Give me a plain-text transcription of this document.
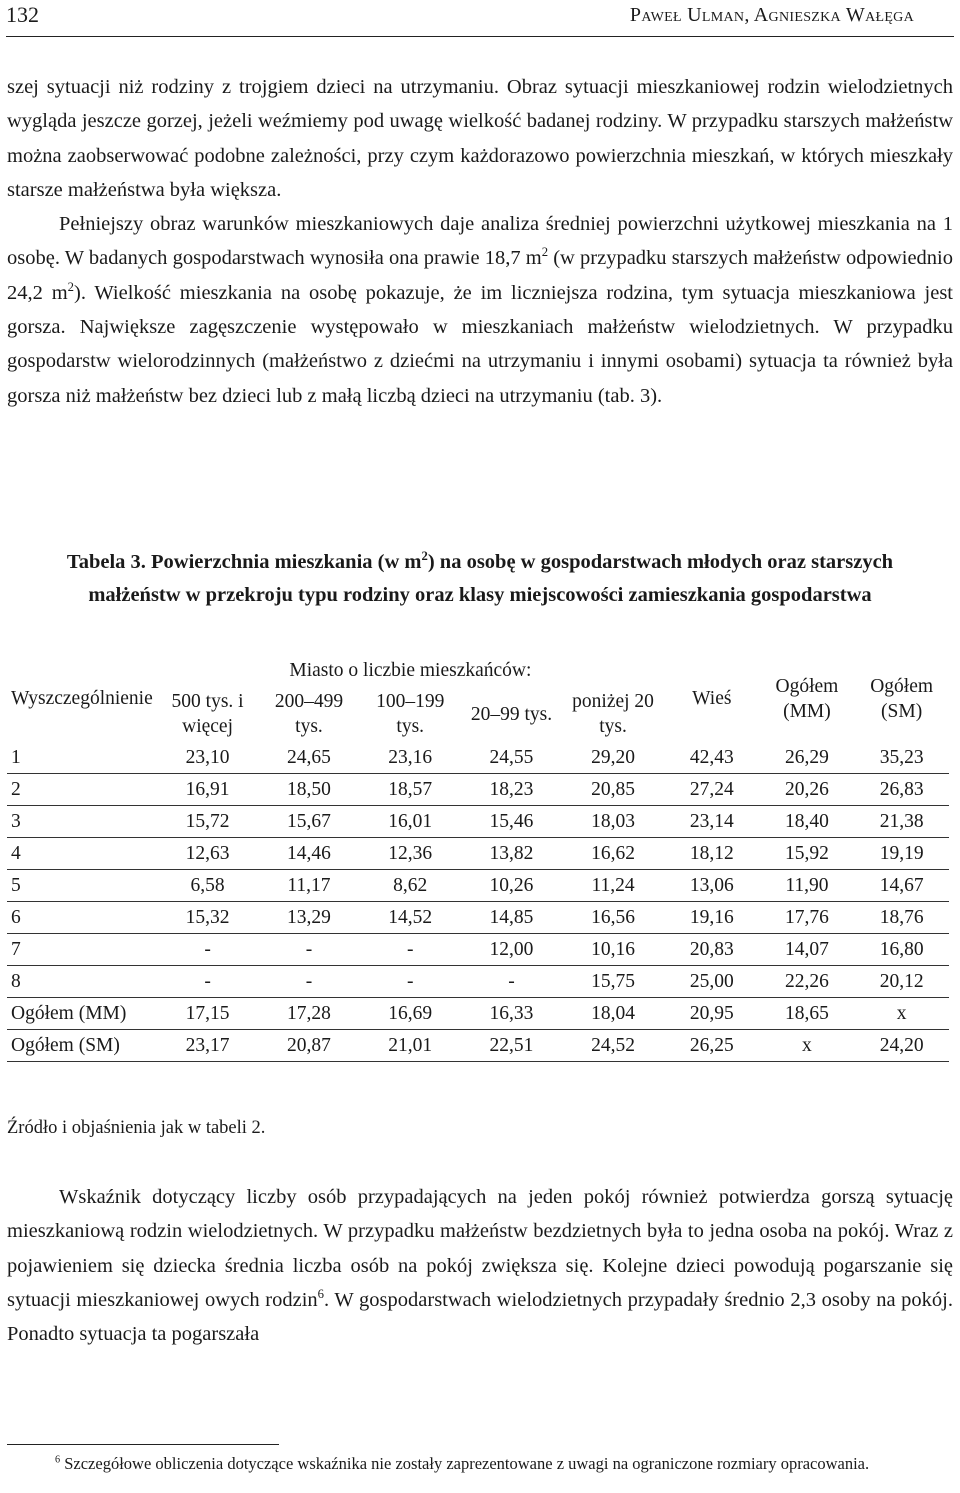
132	Paweł Ulman, Agnieszka Wałęga

szej sytuacji niż rodziny z trojgiem dzieci na utrzymaniu. Obraz sytuacji mieszkaniowej rodzin wielodzietnych wygląda jeszcze gorzej, jeżeli weźmiemy pod uwagę wielkość badanej rodziny. W przypadku starszych małżeństw można zaobserwować podobne zależności, przy czym każdorazowo powierzchnia mieszkań, w których mieszkały starsze małżeństwa była większa.

Pełniejszy obraz warunków mieszkaniowych daje analiza średniej powierzchni użytkowej mieszkania na 1 osobę. W badanych gospodarstwach wynosiła ona prawie 18,7 $m^2$ (w przypadku starszych małżeństw odpowiednio 24,2 $m^2$). Wielkość mieszkania na osobę pokazuje, że im liczniejsza rodzina, tym sytuacja mieszkaniowa jest gorsza. Największe zagęszczenie występowało w mieszkaniach małżeństw wielodzietnych. W przypadku gospodarstw wielorodzinnych (małżeństwo z dziećmi na utrzymaniu i innymi osobami) sytuacja ta również była gorsza niż małżeństw bez dzieci lub z małą liczbą dzieci na utrzymaniu (tab. 3).

Tabela 3. Powierzchnia mieszkania (w $m^2$) na osobę w gospodarstwach młodych oraz starszych małżeństw w przekroju typu rodziny oraz klasy miejscowości zamieszkania gospodarstwa
Wyszczególnienie	Miasto o liczbie mieszkańców:					Wieś	Ogółem (MM)	Ogółem (SM)
	500 tys. i więcej	200–499 tys.	100–199 tys.	20–99 tys.	poniżej 20 tys.			
1	23,10	24,65	23,16	24,55	29,20	42,43	26,29	35,23
2	16,91	18,50	18,57	18,23	20,85	27,24	20,26	26,83
3	15,72	15,67	16,01	15,46	18,03	23,14	18,40	21,38
4	12,63	14,46	12,36	13,82	16,62	18,12	15,92	19,19
5	6,58	11,17	8,62	10,26	11,24	13,06	11,90	14,67
6	15,32	13,29	14,52	14,85	16,56	19,16	17,76	18,76
7	-	-	-	12,00	10,16	20,83	14,07	16,80
8	-	-	-	-	15,75	25,00	22,26	20,12
Ogółem (MM)	17,15	17,28	16,69	16,33	18,04	20,95	18,65	x
Ogółem (SM)	23,17	20,87	21,01	22,51	24,52	26,25	x	24,20
Źródło i objaśnienia jak w tabeli 2.
Wskaźnik dotyczący liczby osób przypadających na jeden pokój również potwierdza gorszą sytuację mieszkaniową rodzin wielodzietnych. W przypadku małżeństw bezdzietnych była to jedna osoba na pokój. Wraz z pojawieniem się dziecka średnia liczba osób na pokój zwiększa się. Kolejne dzieci powodują pogarszanie się sytuacji mieszkaniowej owych rodzin$^6$. W gospodarstwach wielodzietnych przypadały średnio 2,3 osoby na pokój. Ponadto sytuacja ta pogarszała
$^6$ Szczegółowe obliczenia dotyczące wskaźnika nie zostały zaprezentowane z uwagi na ograniczone rozmiary opracowania.
